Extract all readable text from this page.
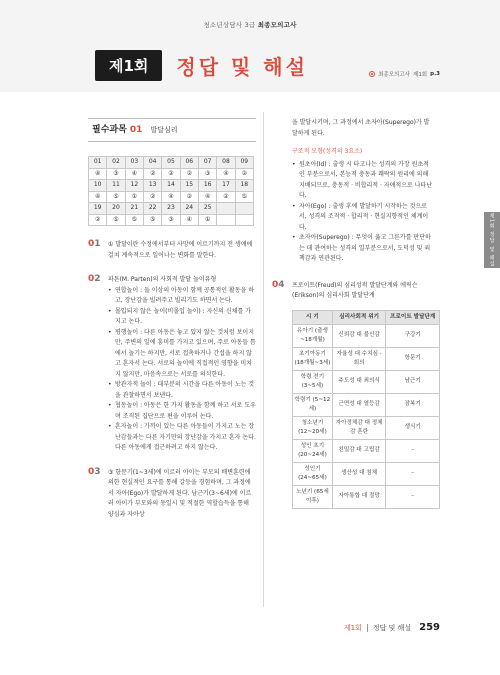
청소년상담사 3급 최종모의고사
제1회	정답 및 해설	최종모의고사 제1회 p.3
제1회 정답 및 해설
필수과목 01 발달심리
01	02	03	04	05	06	07	08	09
④	③	④	②	②	②	③	④	②
10	11	12	13	14	15	16	17	18
④	⑤	①	②	④	②	④	②	⑤
19	20	21	22	23	24	25		
②	⑤	⑤	⑤	③	④	①		
01 ① 발달이란 수정에서부터 사망에 이르기까지 전 생애에 걸쳐 계속적으로 일어나는 변화를 말한다.

02 파튼(M. Parten)의 사회적 발달 놀이유형

• 연합놀이 : 둘 이상의 아동이 함께 공통적인 활동을 하고, 장난감을 빌려주고 빌리기도 하면서 논다.
• 몰입되지 않은 놀이(비몰입 놀이) : 자신의 신체를 가지고 논다.
• 평행놀이 : 다른 아동은 놓고 있지 않는 것처럼 보이지만, 주변의 일에 흥미를 가지고 있으며, 주로 아동들 틈에서 놀기는 하지만, 서로 접촉하거나 간섭을 하지 않고 혼자서 논다. 서로의 놀이에 직접적인 영향을 미치지 않지만, 마음속으로는 서로를 의식한다.
• 방관자적 놀이 : 대부분의 시간을 다른 아동이 노는 것을 관찰하면서 보낸다.
• 협동놀이 : 아동은 한 가지 활동을 함께 하고 서로 도우며 조직된 집단으로 편을 이루어 논다.
• 혼자놀이 : 가까이 있는 다른 아동들이 가지고 노는 장난감들과는 다른 자기만의 장난감을 가지고 혼자 논다. 다른 아동에게 접근하려고 하지 않는다.
03 ③ 항문기(1~3세)에 이르러 아이는 부모의 배변훈련에 의한 현실적인 요구를 통해 갈등을 경험하며, 그 과정에서 자아(Ego)가 발달하게 된다. 남근기(3~6세)에 이르러 아이가 부모와의 동일시 및 적절한 역할습득을 통해 양심과 자아상

을 발달시키며, 그 과정에서 초자아(Superego)가 발달하게 된다.

구조적 모형(성격의 3요소)
• 원초아(Id) : 출생 시 타고나는 성격의 가장 원초적인 부분으로서, 본능적 충동과 쾌락의 원리에 의해 지배되므로, 충동적 · 비합리적 · 자애적으로 나타난다.
• 자아(Ego) : 출생 후에 발달하기 시작하는 것으로서, 성격의 조직적 · 합리적 · 현실지향적인 체계이다.
• 초자아(Superego) : 무엇이 옳고 그른가를 판단하는 데 관여하는 성격의 일부분으로서, 도덕성 및 죄책감과 연관된다.
04 프로이트(Freud)의 심리성적 발달단계와 에릭슨(Erikson)의 심리사회 발달단계

시 기	심리사회적 위기	프로이트 발달단계
유아기 (출생~18개월)	신뢰감 대 불신감	구강기
초기아동기 (18개월~3세)	자율성 대 수치심 · 회의	항문기
학령 전기 (3~5세)	주도성 대 죄의식	남근기
학령기 (5~12세)	근면성 대 열등감	잠복기
청소년기 (12~20세)	자아정체감 대 정체감 혼란	생식기
성인 초기 (20~24세)	친밀감 대 고립감	–
성인기 (24~65세)	생산성 대 침체	–
노년기 (65세 이후)	자아통합 대 절망	–
제1회 정답 및 해설 259
